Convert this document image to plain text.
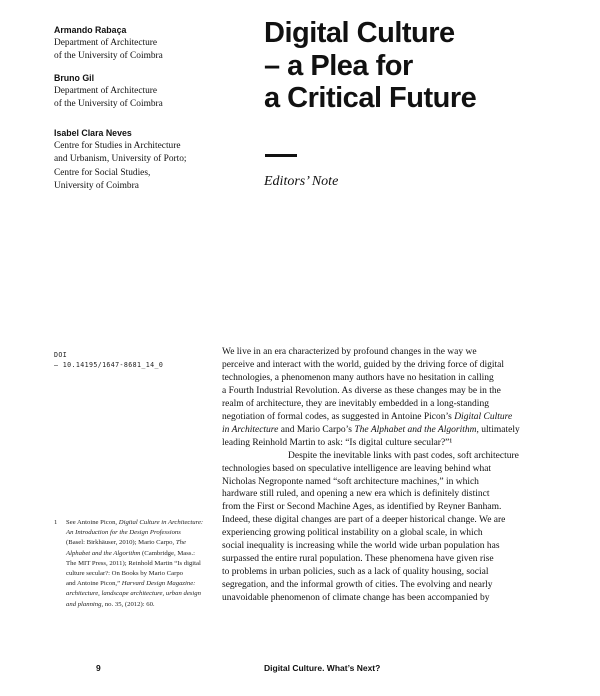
Armando Rabaça
Department of Architecture
of the University of Coimbra
Bruno Gil
Department of Architecture
of the University of Coimbra
Isabel Clara Neves
Centre for Studies in Architecture
and Urbanism, University of Porto;
Centre for Social Studies,
University of Coimbra
Digital Culture
– a Plea for
a Critical Future
Editors’ Note
DOI
– 10.14195/1647-8681_14_0
We live in an era characterized by profound changes in the way we
perceive and interact with the world, guided by the driving force of digital
technologies, a phenomenon many authors have no hesitation in calling
a Fourth Industrial Revolution. As diverse as these changes may be in the
realm of architecture, they are inevitably embedded in a long-standing
negotiation of formal codes, as suggested in Antoine Picon’s Digital Culture
in Architecture and Mario Carpo’s The Alphabet and the Algorithm, ultimately
leading Reinhold Martin to ask: “Is digital culture secular?”¹
Despite the inevitable links with past codes, soft architecture
technologies based on speculative intelligence are leaving behind what
Nicholas Negroponte named “soft architecture machines,” in which
hardware still ruled, and opening a new era which is definitely distinct
from the First or Second Machine Ages, as identified by Reyner Banham.
Indeed, these digital changes are part of a deeper historical change. We are
experiencing growing political instability on a global scale, in which
social inequality is increasing while the world wide urban population has
surpassed the entire rural population. These phenomena have given rise
to problems in urban policies, such as a lack of quality housing, social
segregation, and the informal growth of cities. The evolving and nearly
unavoidable phenomenon of climate change has been accompanied by
1 See Antoine Picon, Digital Culture in Architecture:
An Introduction for the Design Professions
(Basel: Birkhäuser, 2010); Mario Carpo, The
Alphabet and the Algorithm (Cambridge, Mass.:
The MIT Press, 2011); Reinhold Martin “Is digital
culture secular?: On Books by Mario Carpo
and Antoine Picon,” Harvard Design Magazine:
architecture, landscape architecture, urban design
and planning, no. 35, (2012): 60.
9	Digital Culture. What’s Next?
